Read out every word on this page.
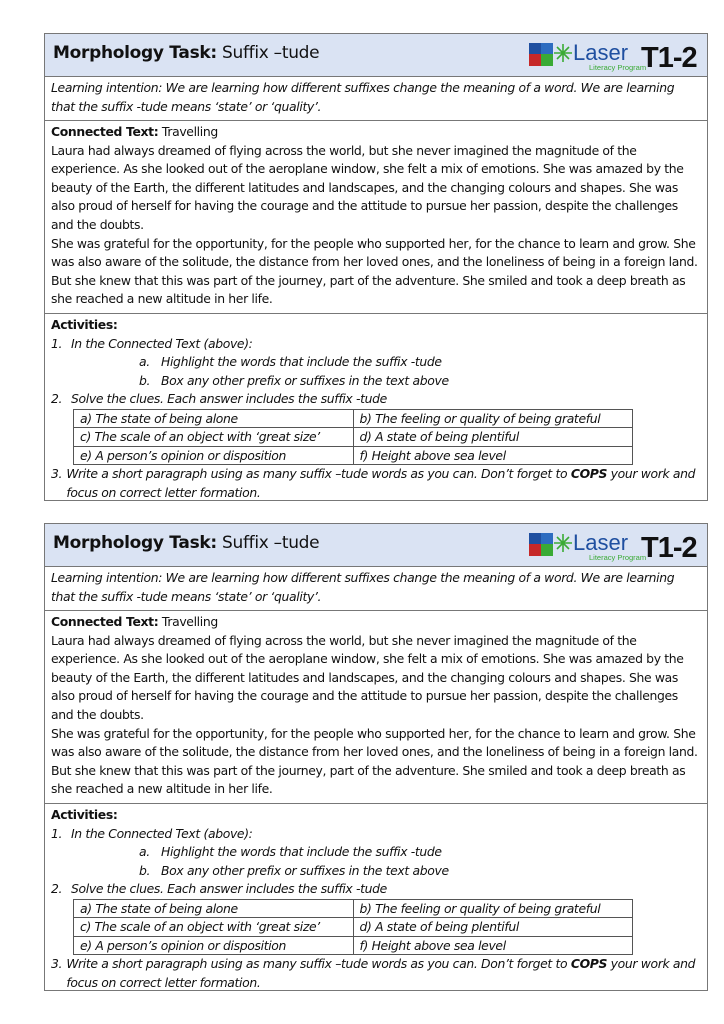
Morphology Task: Suffix –tude	Laser
Literacy Program
T1-2
Learning intention: We are learning how different suffixes change the meaning of a word. We are learning that the suffix -tude means ‘state’ or ‘quality’.
Connected Text: Travelling

Laura had always dreamed of flying across the world, but she never imagined the magnitude of the experience. As she looked out of the aeroplane window, she felt a mix of emotions. She was amazed by the beauty of the Earth, the different latitudes and landscapes, and the changing colours and shapes. She was also proud of herself for having the courage and the attitude to pursue her passion, despite the challenges and the doubts.

She was grateful for the opportunity, for the people who supported her, for the chance to learn and grow. She was also aware of the solitude, the distance from her loved ones, and the loneliness of being in a foreign land. But she knew that this was part of the journey, part of the adventure. She smiled and took a deep breath as she reached a new altitude in her life.

Activities:
1. In the Connected Text (above):
a. Highlight the words that include the suffix -tude
b. Box any other prefix or suffixes in the text above
2. Solve the clues. Each answer includes the suffix -tude
a) The state of being alone	b) The feeling or quality of being grateful
c) The scale of an object with ‘great size’	d) A state of being plentiful
e) A person’s opinion or disposition	f) Height above sea level
3. Write a short paragraph using as many suffix –tude words as you can. Don’t forget to COPS your work and focus on correct letter formation.
Morphology Task: Suffix –tude	Laser
Literacy Program
T1-2
Learning intention: We are learning how different suffixes change the meaning of a word. We are learning that the suffix -tude means ‘state’ or ‘quality’.
Connected Text: Travelling

Laura had always dreamed of flying across the world, but she never imagined the magnitude of the experience. As she looked out of the aeroplane window, she felt a mix of emotions. She was amazed by the beauty of the Earth, the different latitudes and landscapes, and the changing colours and shapes. She was also proud of herself for having the courage and the attitude to pursue her passion, despite the challenges and the doubts.

She was grateful for the opportunity, for the people who supported her, for the chance to learn and grow. She was also aware of the solitude, the distance from her loved ones, and the loneliness of being in a foreign land. But she knew that this was part of the journey, part of the adventure. She smiled and took a deep breath as she reached a new altitude in her life.

Activities:
1. In the Connected Text (above):
a. Highlight the words that include the suffix -tude
b. Box any other prefix or suffixes in the text above
2. Solve the clues. Each answer includes the suffix -tude
a) The state of being alone	b) The feeling or quality of being grateful
c) The scale of an object with ‘great size’	d) A state of being plentiful
e) A person’s opinion or disposition	f) Height above sea level
3. Write a short paragraph using as many suffix –tude words as you can. Don’t forget to COPS your work and focus on correct letter formation.
